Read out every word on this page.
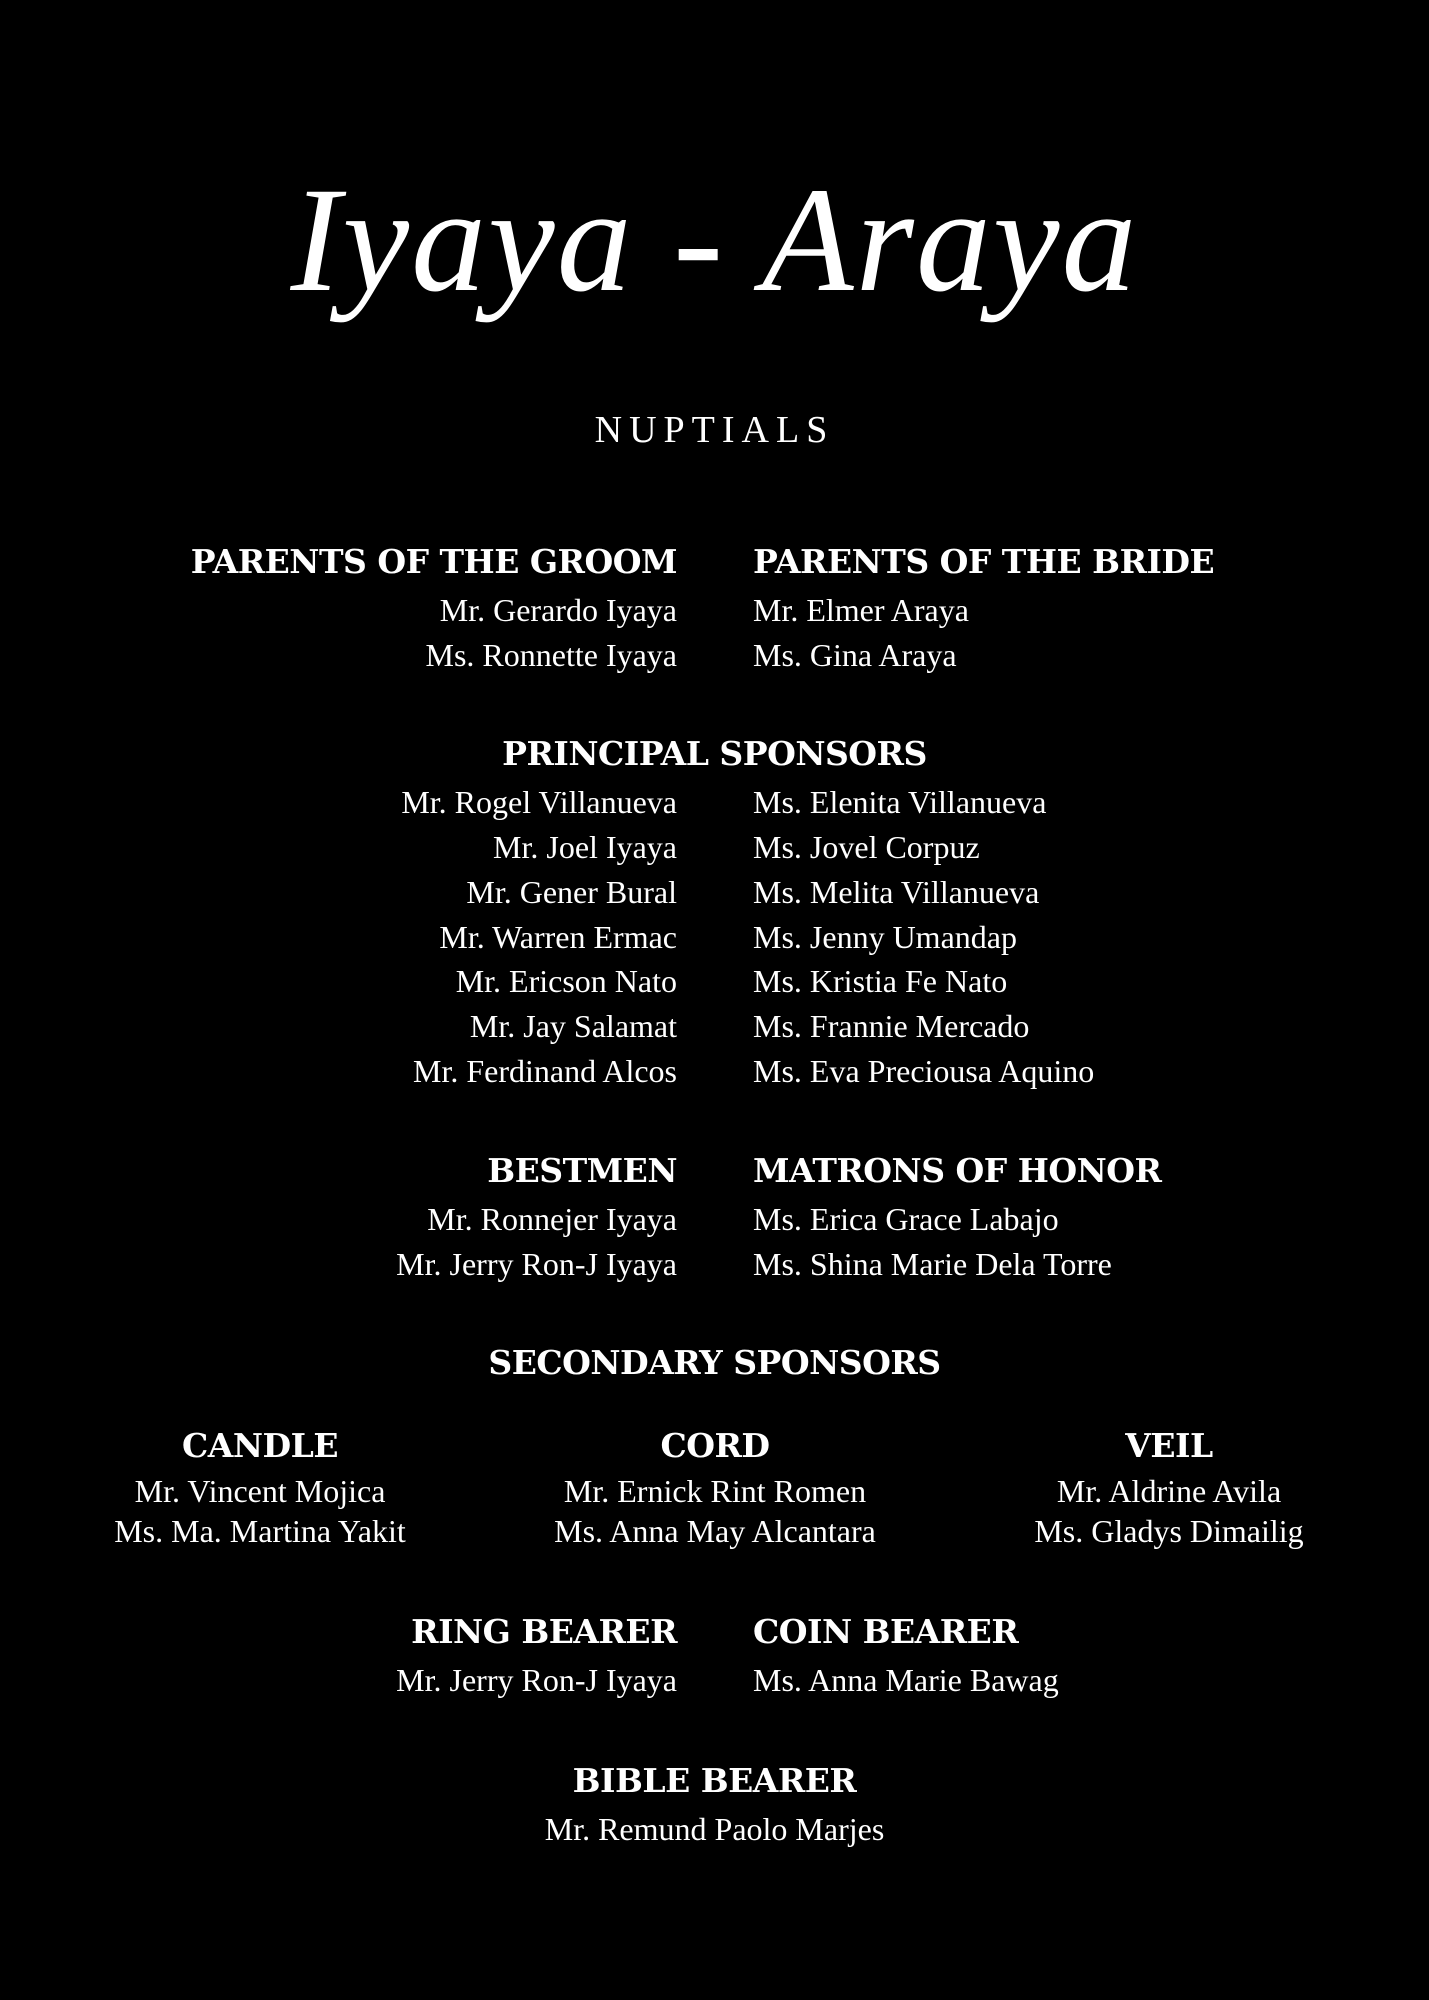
Iyaya - Araya
NUPTIALS
PARENTS OF THE GROOM
Mr. Gerardo Iyaya
Ms. Ronnette Iyaya
PARENTS OF THE BRIDE
Mr. Elmer Araya
Ms. Gina Araya
PRINCIPAL SPONSORS
Mr. Rogel Villanueva
Mr. Joel Iyaya
Mr. Gener Bural
Mr. Warren Ermac
Mr. Ericson Nato
Mr. Jay Salamat
Mr. Ferdinand Alcos
Ms. Elenita Villanueva
Ms. Jovel Corpuz
Ms. Melita Villanueva
Ms. Jenny Umandap
Ms. Kristia Fe Nato
Ms. Frannie Mercado
Ms. Eva Preciousa Aquino
BESTMEN
Mr. Ronnejer Iyaya
Mr. Jerry Ron-J Iyaya
MATRONS OF HONOR
Ms. Erica Grace Labajo
Ms. Shina Marie Dela Torre
SECONDARY SPONSORS
CANDLE
Mr. Vincent Mojica
Ms. Ma. Martina Yakit
CORD
Mr. Ernick Rint Romen
Ms. Anna May Alcantara
VEIL
Mr. Aldrine Avila
Ms. Gladys Dimailig
RING BEARER
Mr. Jerry Ron-J Iyaya
COIN BEARER
Ms. Anna Marie Bawag
BIBLE BEARER
Mr. Remund Paolo Marjes
